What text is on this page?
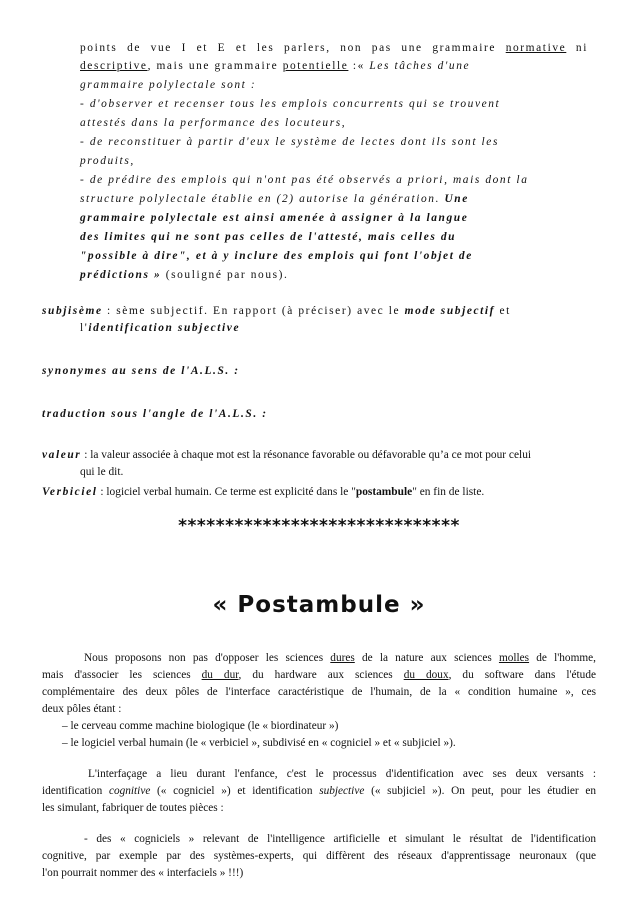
points de vue I et E et les parlers, non pas une grammaire normative ni
descriptive, mais une grammaire potentielle :« Les tâches d'une
grammaire polylectale sont :
- d'observer et recenser tous les emplois concurrents qui se trouvent
attestés dans la performance des locuteurs,
- de reconstituer à partir d'eux le système de lectes dont ils sont les
produits,
- de prédire des emplois qui n'ont pas été observés a priori, mais dont la
structure polylectale établie en (2) autorise la génération. Une
grammaire polylectale est ainsi amenée à assigner à la langue
des limites qui ne sont pas celles de l'attesté, mais celles du
"possible à dire", et à y inclure des emplois qui font l'objet de
prédictions » (souligné par nous).
subjisème : sème subjectif. En rapport (à préciser) avec le mode subjectif et
l'identification subjective
synonymes au sens de l'A.L.S. :
traduction sous l'angle de l'A.L.S. :
valeur : la valeur associée à chaque mot est la résonance favorable ou défavorable qu’a ce mot pour celui
qui le dit.
Verbiciel : logiciel verbal humain. Ce terme est explicité dans le "postambule" en fin de liste.
******************************
« Postambule »
Nous proposons non pas d'opposer les sciences dures de la nature aux sciences molles de l'homme,
mais d'associer les sciences du dur, du hardware aux sciences du doux, du software dans l'étude
complémentaire des deux pôles de l'interface caractéristique de l'humain, de la « condition humaine », ces
deux pôles étant :
– le cerveau comme machine biologique (le « biordinateur »)
– le logiciel verbal humain (le « verbiciel », subdivisé en « cogniciel » et « subjiciel »).
L'interfaçage a lieu durant l'enfance, c'est le processus d'identification avec ses deux versants :
identification cognitive (« cogniciel ») et identification subjective (« subjiciel »). On peut, pour les étudier en
les simulant, fabriquer de toutes pièces :
- des « cogniciels » relevant de l'intelligence artificielle et simulant le résultat de l'identification
cognitive, par exemple par des systèmes-experts, qui diffèrent des réseaux d'apprentissage neuronaux (que
l'on pourrait nommer des « interfaciels » !!!)
